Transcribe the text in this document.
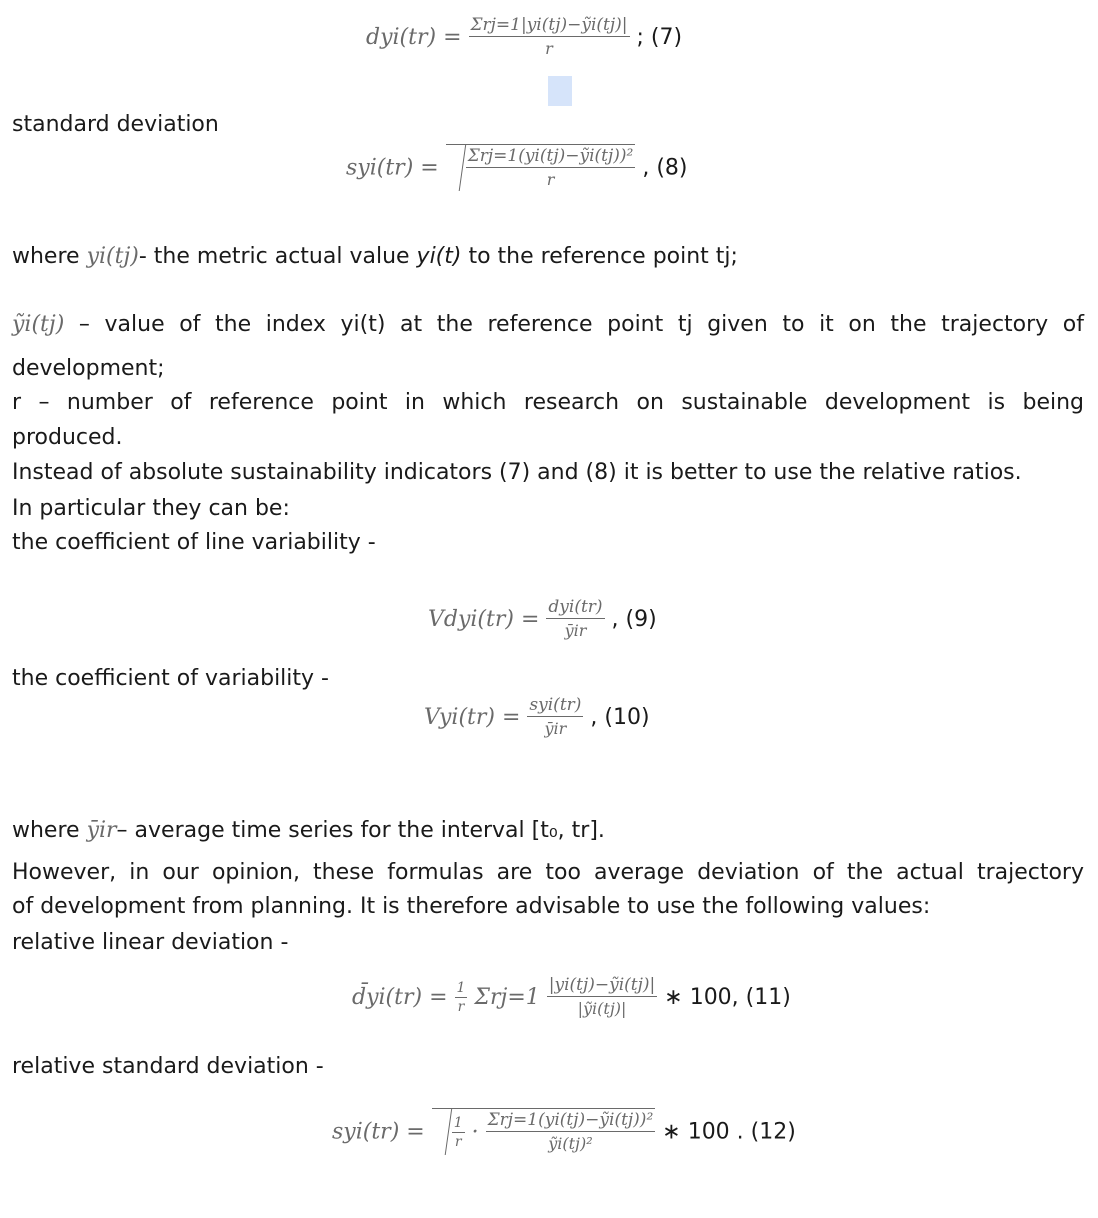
$dyi(tr) = \frac{\text{Σrj=1|yi(tj)−ỹi(tj)|}}{r}$ ; (7)
standard deviation
$syi(tr) = \frac{\text{Σrj=1(yi(tj)−ỹi(tj))²}}{r}$ , (8)
where yi(tj)- the metric actual value yi(t) to the reference point tj;
ỹi(tj) – value of the index yi(t) at the reference point tj given to it on the trajectory of
development;
r – number of reference point in which research on sustainable development is being
produced.
Instead of absolute sustainability indicators (7) and (8) it is better to use the relative ratios.
In particular they can be:
the coefficient of line variability -
Vdyi(tr) = $\frac{\text{dyi(tr)}}{\text{ȳir}}$ , (9)
the coefficient of variability -
$Vyi(tr) = \frac{\text{syi(tr)}}{\text{ȳir}}$ , (10)
where ȳir– average time series for the interval [t₀, tr].
However, in our opinion, these formulas are too average deviation of the actual trajectory
of development from planning. It is therefore advisable to use the following values:
relative linear deviation -
d̄yi(tr) = $\frac{1}{r} \Sigma rj=1 \frac{\text{|yi(tj)−ỹi(tj)|}}{\text{|ỹi(tj)|}}$ ∗ 100, (11)
relative standard deviation -
$syi(tr) = \frac{1}{r} \cdot \frac{\text{Σrj=1(yi(tj)−ỹi(tj))²}}{\text{ỹi(tj)²}}$ ∗ 100 . (12)
